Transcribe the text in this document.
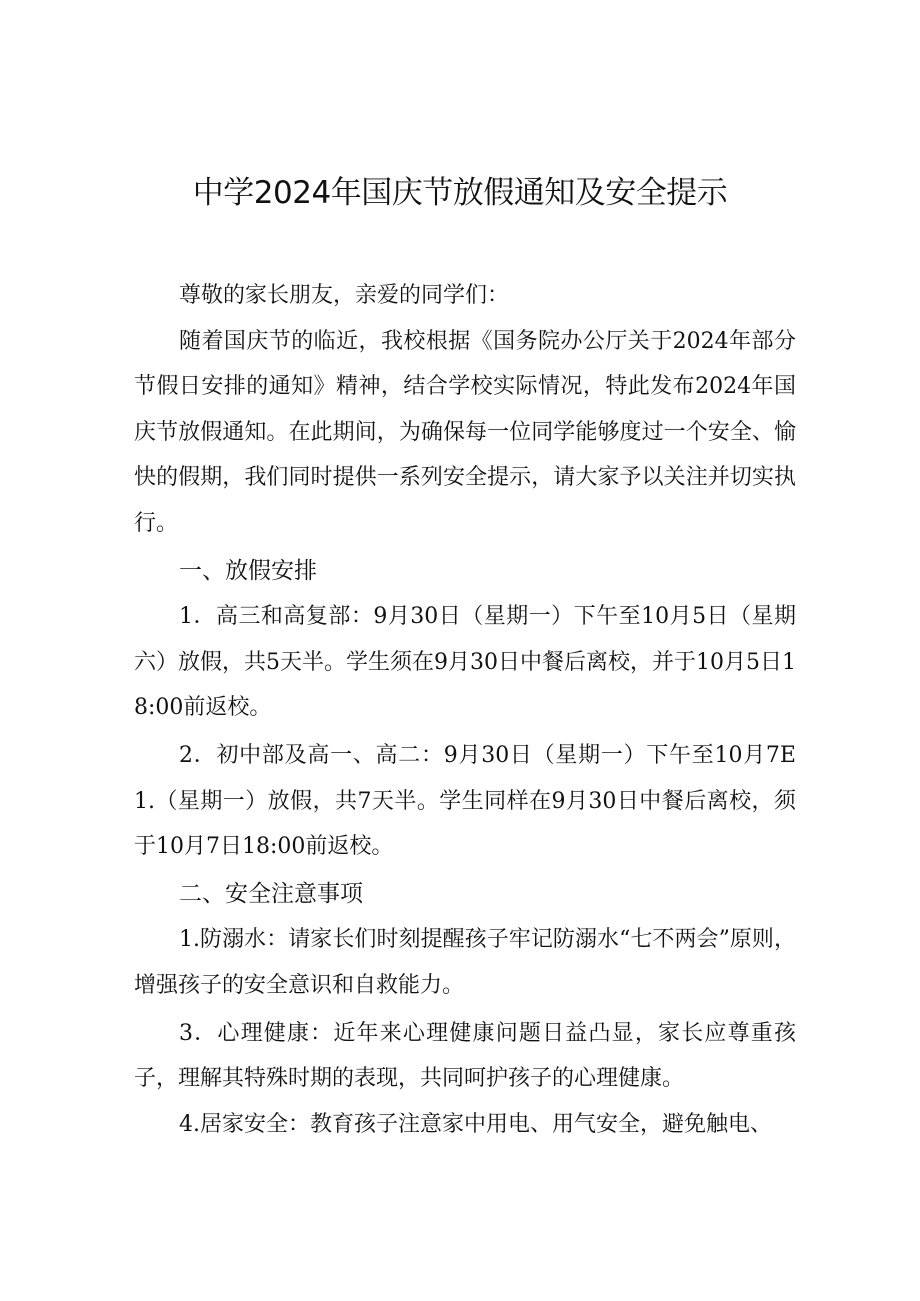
中学2024年国庆节放假通知及安全提示

尊敬的家长朋友，亲爱的同学们：

随着国庆节的临近，我校根据《国务院办公厅关于2024年部分节假日安排的通知》精神，结合学校实际情况，特此发布2024年国庆节放假通知。在此期间，为确保每一位同学能够度过一个安全、愉快的假期，我们同时提供一系列安全提示，请大家予以关注并切实执行。

一、放假安排

1．高三和高复部：9月30日（星期一）下午至10月5日（星期六）放假，共5天半。学生须在9月30日中餐后离校，并于10月5日18:00前返校。

2．初中部及高一、高二：9月30日（星期一）下午至10月7E1.（星期一）放假，共7天半。学生同样在9月30日中餐后离校，须于10月7日18:00前返校。

二、安全注意事项

1.防溺水：请家长们时刻提醒孩子牢记防溺水“七不两会”原则，增强孩子的安全意识和自救能力。

3．心理健康：近年来心理健康问题日益凸显，家长应尊重孩子，理解其特殊时期的表现，共同呵护孩子的心理健康。

4.居家安全：教育孩子注意家中用电、用气安全，避免触电、
